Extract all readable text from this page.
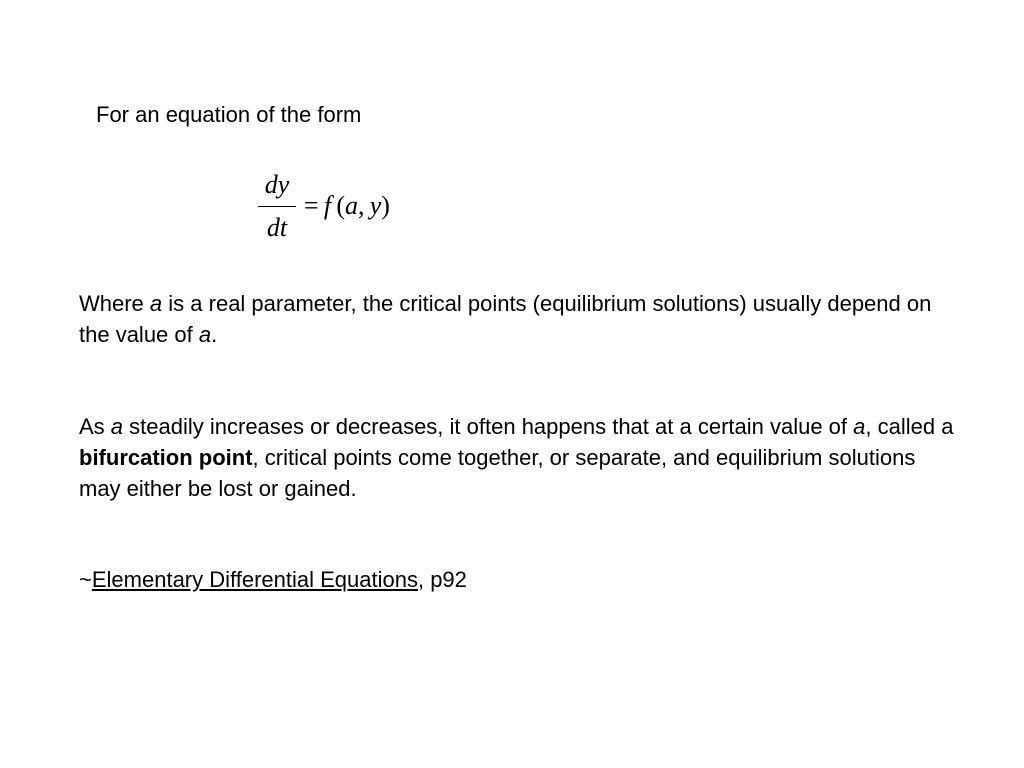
For an equation of the form
$\frac{dy}{dt} = f$  (a,  y)
Where a is a real parameter, the critical points (equilibrium solutions) usually depend on the value of a.
As a steadily increases or decreases, it often happens that at a certain value of a, called a bifurcation point, critical points come together, or separate, and equilibrium solutions may either be lost or gained.
~Elementary Differential Equations, p92
